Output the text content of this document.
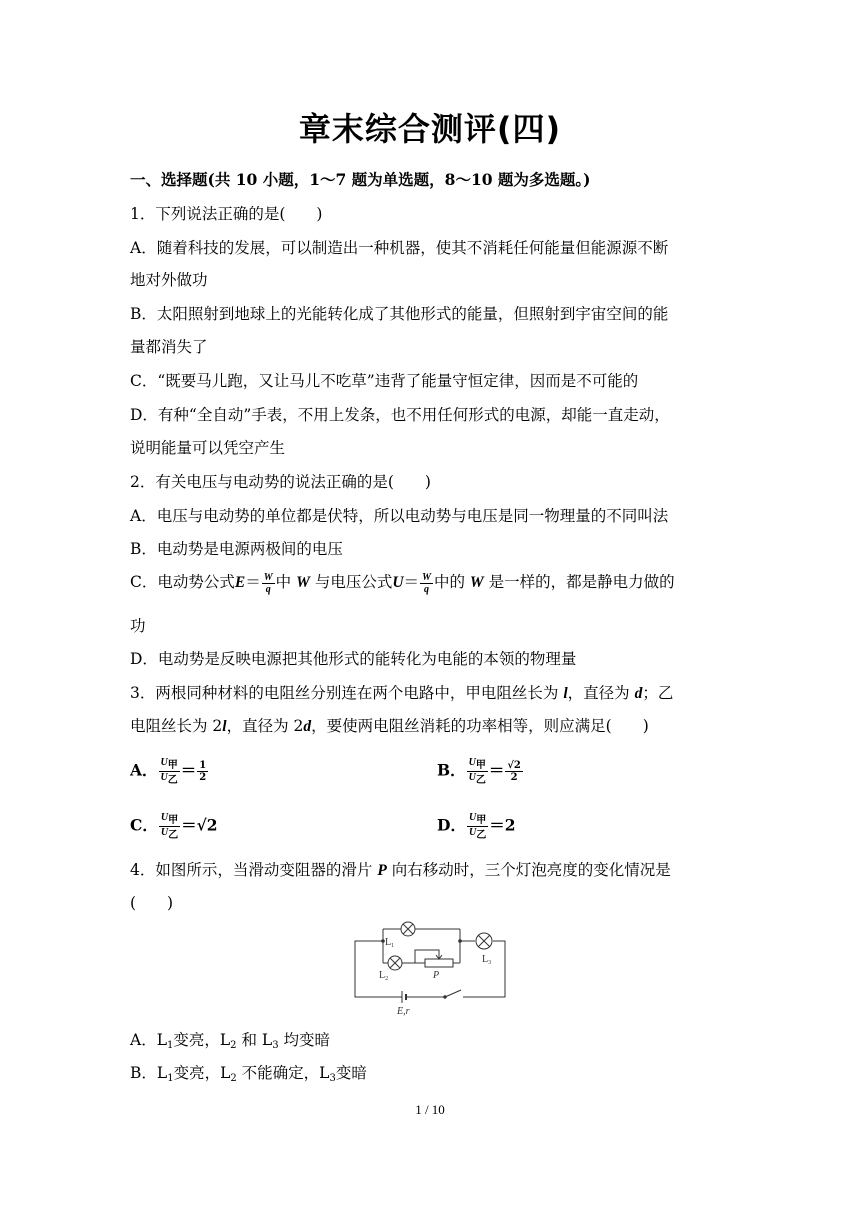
章末综合测评(四)
一、选择题(共 10 小题，1～7 题为单选题，8～10 题为多选题。)
1．下列说法正确的是(　　)
A．随着科技的发展，可以制造出一种机器，使其不消耗任何能量但能源源不断
地对外做功
B．太阳照射到地球上的光能转化成了其他形式的能量，但照射到宇宙空间的能
量都消失了
C．“既要马儿跑，又让马儿不吃草”违背了能量守恒定律，因而是不可能的
D．有种“全自动”手表，不用上发条，也不用任何形式的电源，却能一直走动，
说明能量可以凭空产生
2．有关电压与电动势的说法正确的是(　　)
A．电压与电动势的单位都是伏特，所以电动势与电压是同一物理量的不同叫法
B．电动势是电源两极间的电压
C．电动势公式$E= \frac{W}{q}$ 中 W 与电压公式$U= \frac{W}{q}$ 中的 W 是一样的，都是静电力做的
功
D．电动势是反映电源把其他形式的能转化为电能的本领的物理量
3．两根同种材料的电阻丝分别连在两个电路中，甲电阻丝长为 l，直径为 d；乙
电阻丝长为 2l，直径为 2d，要使两电阻丝消耗的功率相等，则应满足(　　)
A． $\frac{\text{U甲}}{\text{U乙}} = \frac{1}{2}$	B． $\frac{\text{U甲}}{\text{U乙}} = \frac{√2}{2}$
C． $\frac{\text{U甲}}{\text{U乙}} =√2$	D． $\frac{\text{U甲}}{\text{U乙}} =2$
4．如图所示，当滑动变阻器的滑片 P 向右移动时，三个灯泡亮度的变化情况是
(　　)
$L_1$
$L_2$
$L_3$
P
E,r
A．$L_1$变亮，$L_2$ 和 $L_3$ 均变暗
B．$L_1$变亮，$L_2$ 不能确定，$L_3$变暗
1 / 10
